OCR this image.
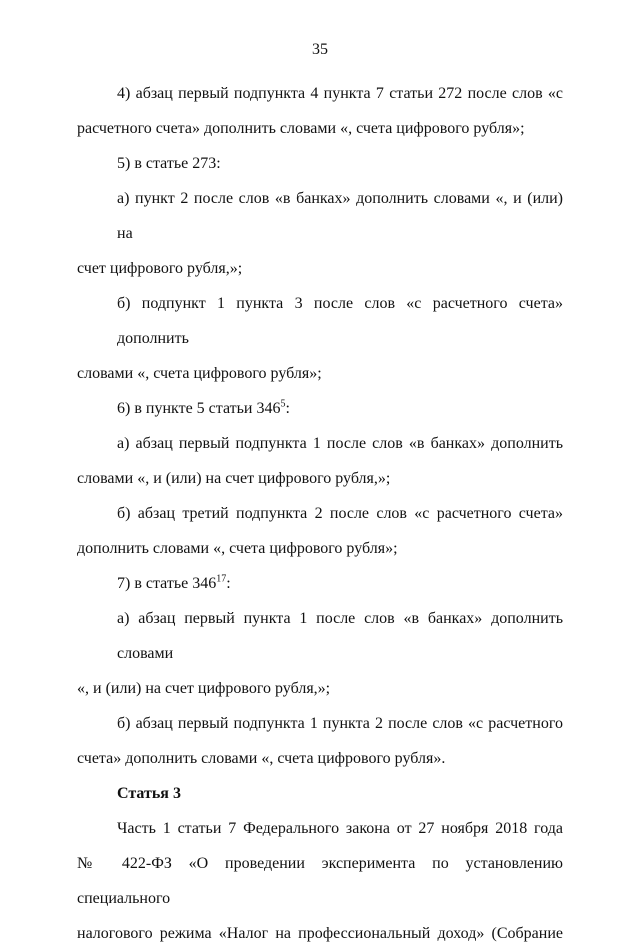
35
4) абзац первый подпункта 4 пункта 7 статьи 272 после слов «с
расчетного счета» дополнить словами «, счета цифрового рубля»;
5) в статье 273:
а) пункт 2 после слов «в банках» дополнить словами «, и (или) на
счет цифрового рубля,»;
б) подпункт 1 пункта 3 после слов «с расчетного счета» дополнить
словами «, счета цифрового рубля»;
6) в пункте 5 статьи $346^5$:
а) абзац первый подпункта 1 после слов «в банках» дополнить
словами «, и (или) на счет цифрового рубля,»;
б) абзац третий подпункта 2 после слов «с расчетного счета»
дополнить словами «, счета цифрового рубля»;
7) в статье $346^{17}$:
а) абзац первый пункта 1 после слов «в банках» дополнить словами
«, и (или) на счет цифрового рубля,»;
б) абзац первый подпункта 1 пункта 2 после слов «с расчетного
счета» дополнить словами «, счета цифрового рубля».
Статья 3
Часть 1 статьи 7 Федерального закона от 27 ноября 2018 года
№ 422-ФЗ «О проведении эксперимента по установлению специального
налогового режима «Налог на профессиональный доход» (Собрание
